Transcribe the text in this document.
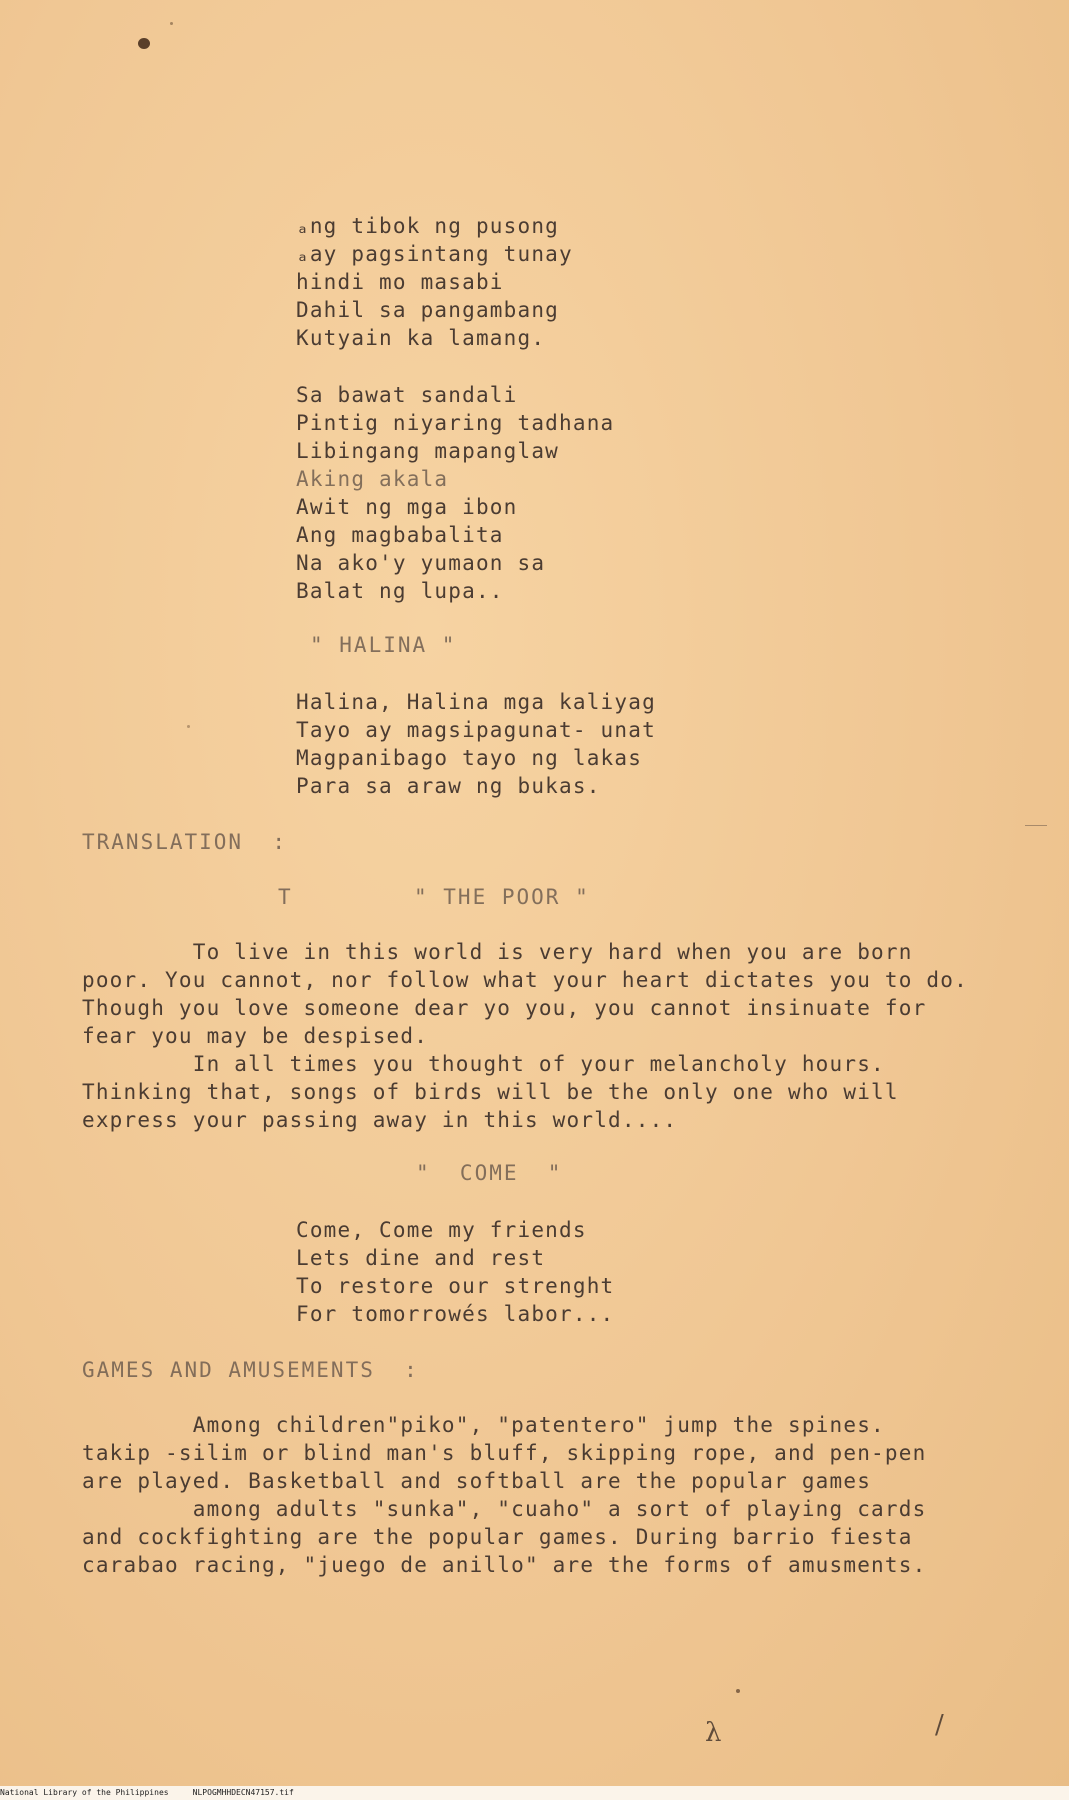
ₐng tibok ng pusong
ₐay pagsintang tunay
hindi mo masabi
Dahil sa pangambang
Kutyain ka lamang.
Sa bawat sandali
Pintig niyaring tadhana
Libingang mapanglaw
Aking akala
Awit ng mga ibon
Ang magbabalita
Na ako'y yumaon sa
Balat ng lupa..
" HALINA "
Halina, Halina mga kaliyag
Tayo ay magsipagunat- unat
Magpanibago tayo ng lakas
Para sa araw ng bukas.
TRANSLATION  :
T	" THE POOR "
To live in this world is very hard when you are born
poor. You cannot, nor follow what your heart dictates you to do.
Though you love someone dear yo you, you cannot insinuate for
fear you may be despised.
In all times you thought of your melancholy hours.
Thinking that, songs of birds will be the only one who will
express your passing away in this world....
"  COME  "
Come, Come my friends
Lets dine and rest
To restore our strenght
For tomorrowés labor...
GAMES AND AMUSEMENTS  :
Among children"piko", "patentero" jump the spines.
takip -silim or blind man's bluff, skipping rope, and pen-pen
are played. Basketball and softball are the popular games
among adults "sunka", "cuaho" a sort of playing cards
and cockfighting are the popular games. During barrio fiesta
carabao racing, "juego de anillo" are the forms of amusments.
λ	/
National Library of the Philippines	NLPOGMHHDECN47157.tif
